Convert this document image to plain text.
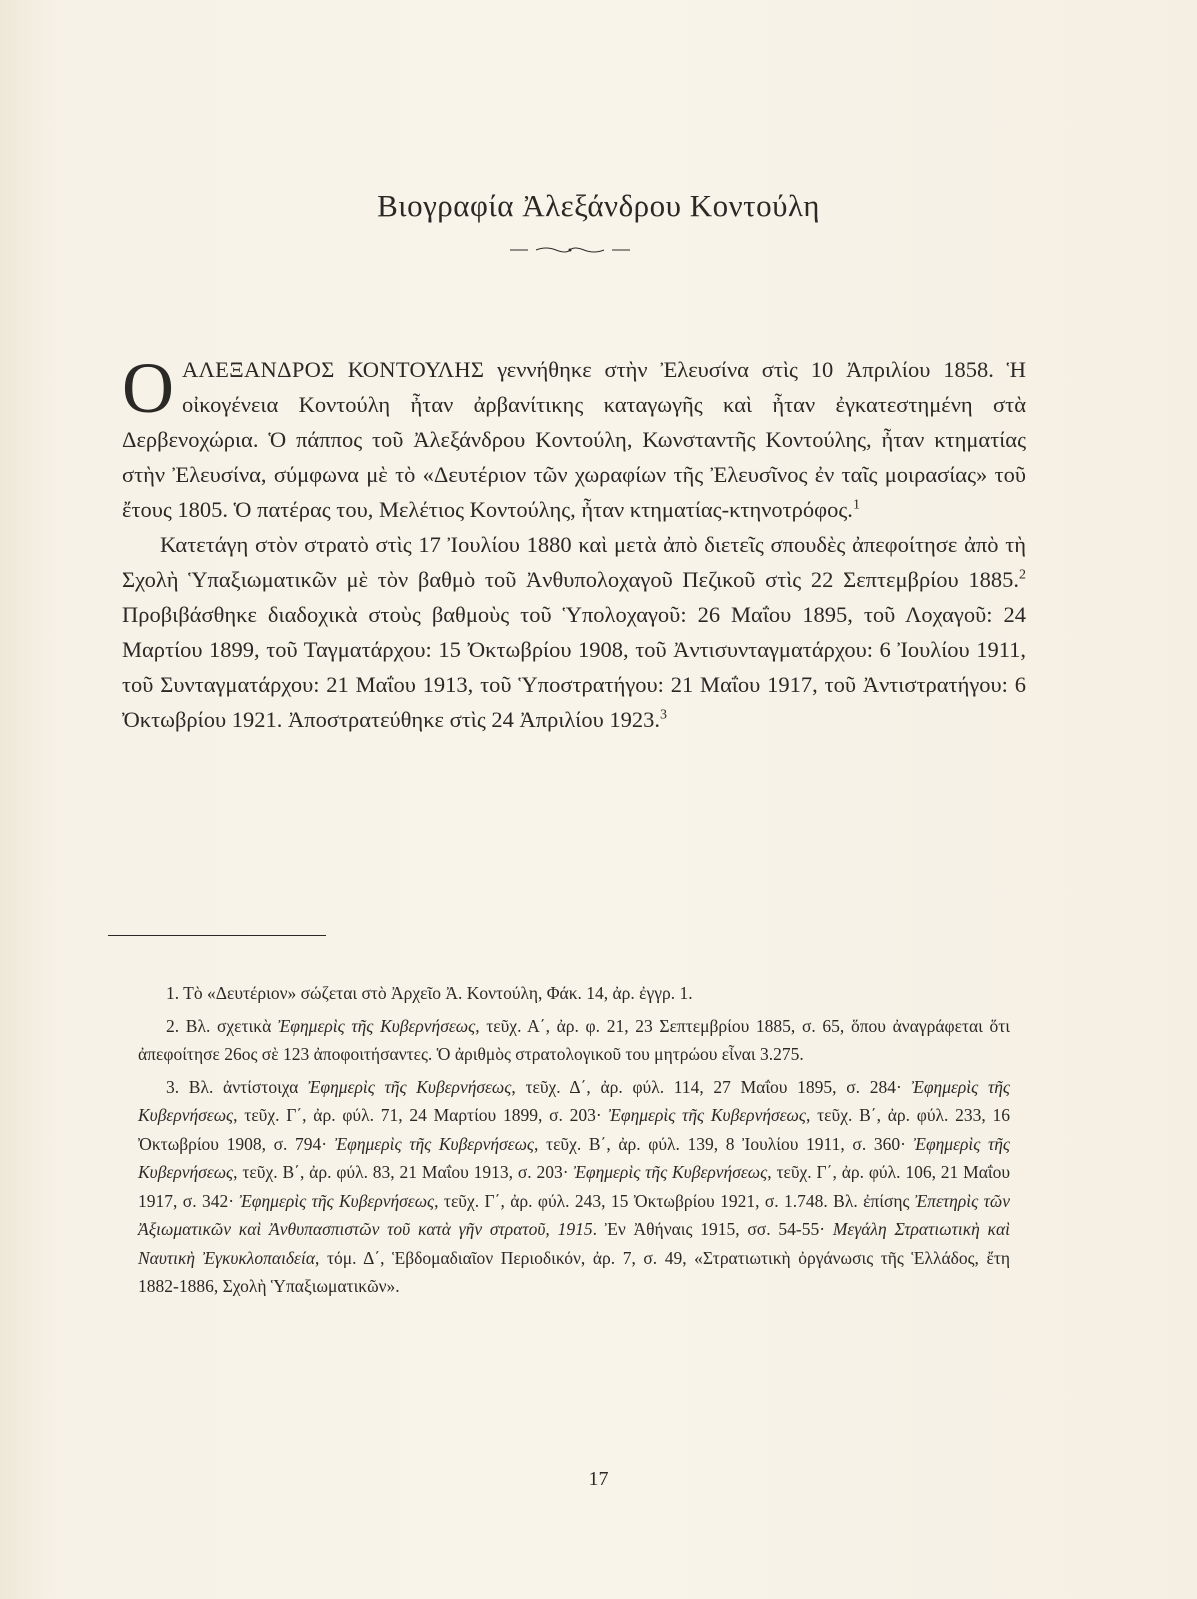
Βιογραφία Ἀλεξάνδρου Κοντούλη

ΟΑΛΕΞΑΝΔΡΟΣ ΚΟΝΤΟΥΛΗΣ γεννήθηκε στὴν Ἐλευσίνα στὶς 10 Ἀπριλίου 1858. Ἡ οἰκογένεια Κοντούλη ἦταν ἀρβανίτικης καταγωγῆς καὶ ἦταν ἐγκατεστημένη στὰ Δερβενοχώρια. Ὁ πάππος τοῦ Ἀλεξάνδρου Κοντούλη, Κωνσταντῆς Κοντούλης, ἦταν κτηματίας στὴν Ἐλευσίνα, σύμφωνα μὲ τὸ «Δευτέριον τῶν χωραφίων τῆς Ἐλευσῖνος ἐν ταῖς μοιρασίας» τοῦ ἔτους 1805. Ὁ πατέρας του, Μελέτιος Κοντούλης, ἦταν κτηματίας-κτηνοτρόφος.$^1$

Κατετάγη στὸν στρατὸ στὶς 17 Ἰουλίου 1880 καὶ μετὰ ἀπὸ διετεῖς σπουδὲς ἀπεφοίτησε ἀπὸ τὴ Σχολὴ Ὑπαξιωματικῶν μὲ τὸν βαθμὸ τοῦ Ἀνθυπολοχαγοῦ Πεζικοῦ στὶς 22 Σεπτεμβρίου 1885.$^2$ Προβιβάσθηκε διαδοχικὰ στοὺς βαθμοὺς τοῦ Ὑπολοχαγοῦ: 26 Μαΐου 1895, τοῦ Λοχαγοῦ: 24 Μαρτίου 1899, τοῦ Ταγματάρχου: 15 Ὀκτωβρίου 1908, τοῦ Ἀντισυνταγματάρχου: 6 Ἰουλίου 1911, τοῦ Συνταγματάρχου: 21 Μαΐου 1913, τοῦ Ὑποστρατήγου: 21 Μαΐου 1917, τοῦ Ἀντιστρατήγου: 6 Ὀκτωβρίου 1921. Ἀποστρατεύθηκε στὶς 24 Ἀπριλίου 1923.$^3$

1. Τὸ «Δευτέριον» σώζεται στὸ Ἀρχεῖο Ἀ. Κοντούλη, Φάκ. 14, ἀρ. ἐγγρ. 1.

2. Βλ. σχετικὰ Ἐφημερὶς τῆς Κυβερνήσεως, τεῦχ. Α΄, ἀρ. φ. 21, 23 Σεπτεμβρίου 1885, σ. 65, ὅπου ἀναγράφεται ὅτι ἀπεφοίτησε 26ος σὲ 123 ἀποφοιτήσαντες. Ὁ ἀριθμὸς στρατολογικοῦ του μητρώου εἶναι 3.275.

3. Βλ. ἀντίστοιχα Ἐφημερὶς τῆς Κυβερνήσεως, τεῦχ. Δ΄, ἀρ. φύλ. 114, 27 Μαΐου 1895, σ. 284· Ἐφημερὶς τῆς Κυβερνήσεως, τεῦχ. Γ΄, ἀρ. φύλ. 71, 24 Μαρτίου 1899, σ. 203· Ἐφημερὶς τῆς Κυβερνήσεως, τεῦχ. Β΄, ἀρ. φύλ. 233, 16 Ὀκτωβρίου 1908, σ. 794· Ἐφημερὶς τῆς Κυβερνήσεως, τεῦχ. Β΄, ἀρ. φύλ. 139, 8 Ἰουλίου 1911, σ. 360· Ἐφημερὶς τῆς Κυβερνήσεως, τεῦχ. Β΄, ἀρ. φύλ. 83, 21 Μαΐου 1913, σ. 203· Ἐφημερὶς τῆς Κυβερνήσεως, τεῦχ. Γ΄, ἀρ. φύλ. 106, 21 Μαΐου 1917, σ. 342· Ἐφημερὶς τῆς Κυβερνήσεως, τεῦχ. Γ΄, ἀρ. φύλ. 243, 15 Ὀκτωβρίου 1921, σ. 1.748. Βλ. ἐπίσης Ἐπετηρὶς τῶν Ἀξιωματικῶν καὶ Ἀνθυπασπιστῶν τοῦ κατὰ γῆν στρατοῦ, 1915. Ἐν Ἀθήναις 1915, σσ. 54-55· Μεγάλη Στρατιωτικὴ καὶ Ναυτικὴ Ἐγκυκλοπαιδεία, τόμ. Δ΄, Ἑβδομαδιαῖον Περιοδικόν, ἀρ. 7, σ. 49, «Στρατιωτικὴ ὀργάνωσις τῆς Ἑλλάδος, ἔτη 1882-1886, Σχολὴ Ὑπαξιωματικῶν».

17
